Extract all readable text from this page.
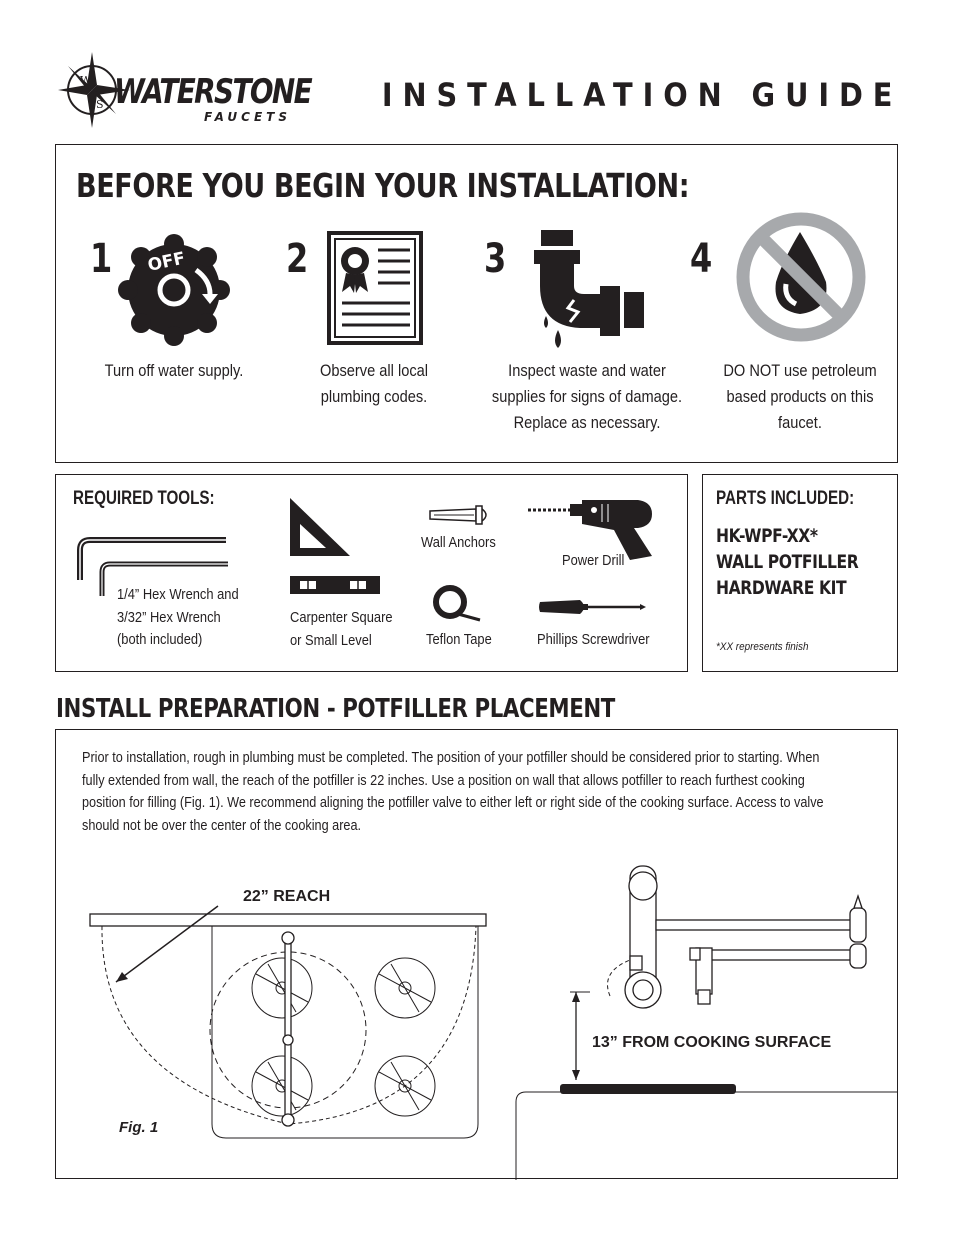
W
S WATERSTONE
FAUCETS
INSTALLATION GUIDE
BEFORE YOU BEGIN YOUR INSTALLATION:
1 OFF
Turn off water supply.
2
Observe all local
plumbing codes.
3
Inspect waste and water
supplies for signs of damage.
Replace as necessary.
4
DO NOT use petroleum
based products on this
faucet.
REQUIRED TOOLS:
1/4” Hex Wrench and
3/32” Hex Wrench
(both included)
Carpenter Square
or Small Level
Wall Anchors
Teflon Tape
Power Drill
Phillips Screwdriver
PARTS INCLUDED:
HK-WPF-XX*
WALL POTFILLER
HARDWARE KIT
*XX represents finish
INSTALL PREPARATION - POTFILLER PLACEMENT
Prior to installation, rough in plumbing must be completed. The position of your potfiller should be considered prior to starting. When
fully extended from wall, the reach of the potfiller is 22 inches. Use a position on wall that allows potfiller to reach furthest cooking
position for filling (Fig. 1). We recommend aligning the potfiller valve to either left or right side of the cooking surface. Access to valve
should not be over the center of the cooking area.
22” REACH
Fig. 1
13” FROM COOKING SURFACE
